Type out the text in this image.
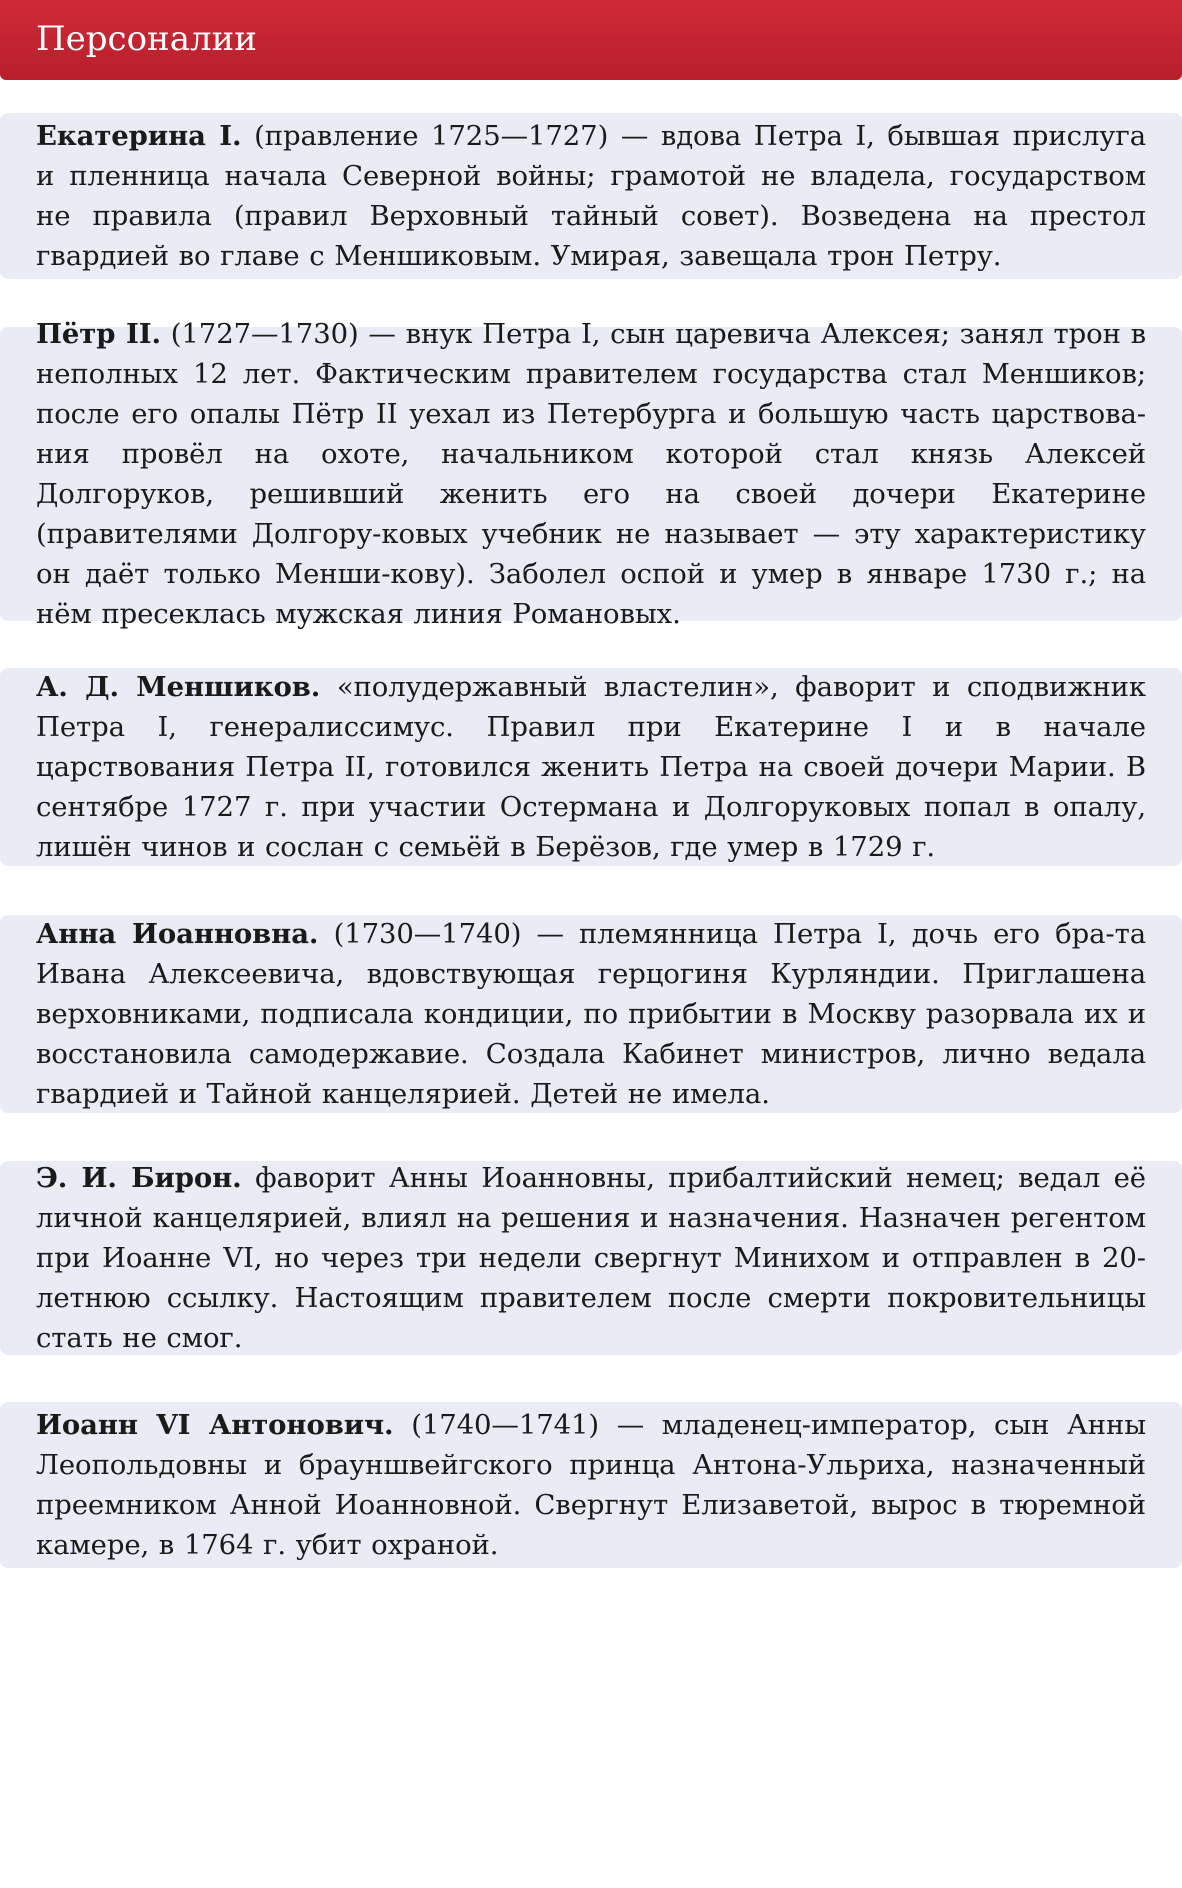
Персоналии

Екатерина I. (правление 1725—1727) — вдова Петра I, бывшая прислуга и пленница начала Северной войны; грамотой не владела, государством не правила (правил Верховный тайный совет). Возведена на престол гвардией во главе с Меншиковым. Умирая, завещала трон Петру.

Пётр II. (1727—1730) — внук Петра I, сын царевича Алексея; занял трон в неполных 12 лет. Фактическим правителем государства стал Меншиков; после его опалы Пётр II уехал из Петербурга и большую часть царствова-ния провёл на охоте, начальником которой стал князь Алексей Долгоруков, решивший женить его на своей дочери Екатерине (правителями Долгору-ковых учебник не называет — эту характеристику он даёт только Менши-кову). Заболел оспой и умер в январе 1730 г.; на нём пресеклась мужская линия Романовых.

А. Д. Меншиков. «полудержавный властелин», фаворит и сподвижник Петра I, генералиссимус. Правил при Екатерине I и в начале царствования Петра II, готовился женить Петра на своей дочери Марии. В сентябре 1727 г. при участии Остермана и Долгоруковых попал в опалу, лишён чинов и сослан с семьёй в Берёзов, где умер в 1729 г.

Анна Иоанновна. (1730—1740) — племянница Петра I, дочь его бра-та Ивана Алексеевича, вдовствующая герцогиня Курляндии. Приглашена верховниками, подписала кондиции, по прибытии в Москву разорвала их и восстановила самодержавие. Создала Кабинет министров, лично ведала гвардией и Тайной канцелярией. Детей не имела.

Э. И. Бирон. фаворит Анны Иоанновны, прибалтийский немец; ведал её личной канцелярией, влиял на решения и назначения. Назначен регентом при Иоанне VI, но через три недели свергнут Минихом и отправлен в 20-летнюю ссылку. Настоящим правителем после смерти покровительницы стать не смог.

Иоанн VI Антонович. (1740—1741) — младенец-император, сын Анны Леопольдовны и брауншвейгского принца Антона-Ульриха, назначенный преемником Анной Иоанновной. Свергнут Елизаветой, вырос в тюремной камере, в 1764 г. убит охраной.
